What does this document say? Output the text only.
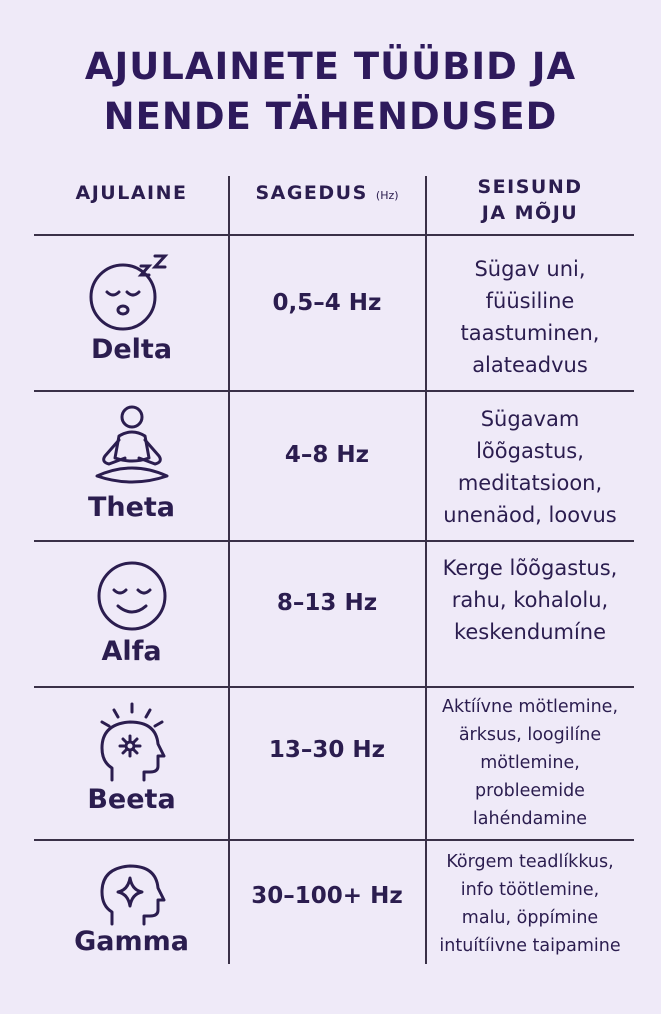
AJULAINETE TÜÜBID JA
NENDE TÄHENDUSED
AJULAINE	SAGEDUS (Hz)	SEISUND
JA MÕJU
Delta
0,5–4 Hz
Sügav uni,
füüsiline
taastuminen,
alateadvus
Theta
4–8 Hz
Sügavam
lõõgastus,
meditatsioon,
unenäod, loovus
Alfa
8–13 Hz
Kerge lõõgastus,
rahu, kohalolu,
keskendumíne
Beeta
13–30 Hz
Aktíívne mötlemine,
ärksus, loogilíne
mötlemine,
probleemide
lahéndamine
Gamma
30–100+ Hz
Körgem teadlíkkus,
info töötlemine,
malu, öppímine
intuítíivne taipamine
